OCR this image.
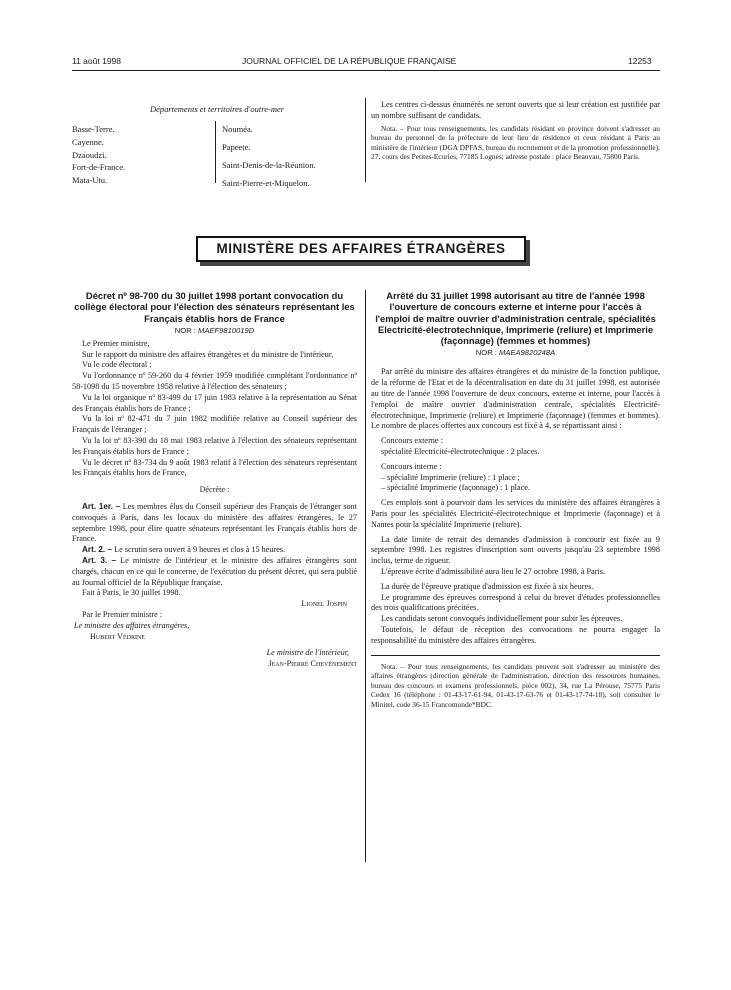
11 août 1998	JOURNAL OFFICIEL DE LA RÉPUBLIQUE FRANÇAISE	12253
Départements et territoires d'outre-mer

Basse-Terre.

Cayenne.

Dzaoudzi.

Fort-de-France.

Mata-Utu.

Nouméa.

Papeete.

Saint-Denis-de-la-Réunion.

Saint-Pierre-et-Miquelon.

Les centres ci-dessus énumérés ne seront ouverts que si leur création est justifiée par un nombre suffisant de candidats.

Nota. – Pour tous renseignements, les candidats résidant en province doivent s'adresser au bureau du personnel de la préfecture de leur lieu de résidence et ceux résidant à Paris au ministère de l'intérieur (DGA DPFAS, bureau du recrutement et de la promotion professionnelle), 27, cours des Petites-Ecuries, 77185 Lognes; adresse postale : place Beauvau, 75800 Paris.

MINISTÈRE DES AFFAIRES ÉTRANGÈRES
Décret nº 98-700 du 30 juillet 1998 portant convocation du collège électoral pour l'élection des sénateurs représentant les Français établis hors de France
NOR : MAEF9810019D

Le Premier ministre,

Sur le rapport du ministre des affaires étrangères et du ministre de l'intérieur,

Vu le code électoral ;

Vu l'ordonnance nº 59-260 du 4 février 1959 modifiée complétant l'ordonnance nº 58-1098 du 15 novembre 1958 relative à l'élection des sénateurs ;

Vu la loi organique nº 83-499 du 17 juin 1983 relative à la représentation au Sénat des Français établis hors de France ;

Vu la loi nº 82-471 du 7 juin 1982 modifiée relative au Conseil supérieur des Français de l'étranger ;

Vu la loi nº 83-390 du 18 mai 1983 relative à l'élection des sénateurs représentant les Français établis hors de France ;

Vu le décret nº 83-734 du 9 août 1983 relatif à l'élection des sénateurs représentant les Français établis hors de France,

Décrète :

Art. 1er. – Les membres élus du Conseil supérieur des Français de l'étranger sont convoqués à Paris, dans les locaux du ministère des affaires étrangères, le 27 septembre 1998, pour élire quatre sénateurs représentant les Français établis hors de France.

Art. 2. – Le scrutin sera ouvert à 9 heures et clos à 15 heures.

Art. 3. – Le ministre de l'intérieur et le ministre des affaires étrangères sont chargés, chacun en ce qui le concerne, de l'exécution du présent décret, qui sera publié au Journal officiel de la République française.

Fait à Paris, le 30 juillet 1998.

Lionel Jospin

Par le Premier ministre :

Le ministre des affaires étrangères,

Hubert Védrine

Le ministre de l'intérieur,

Jean-Pierre Chevènement

Arrêté du 31 juillet 1998 autorisant au titre de l'année 1998 l'ouverture de concours externe et interne pour l'accès à l'emploi de maître ouvrier d'administration centrale, spécialités Electricité-électrotechnique, Imprimerie (reliure) et Imprimerie (façonnage) (femmes et hommes)
NOR : MAEA9820248A

Par arrêté du ministre des affaires étrangères et du ministre de la fonction publique, de la réforme de l'Etat et de la décentralisation en date du 31 juillet 1998, est autorisée au titre de l'année 1998 l'ouverture de deux concours, externe et interne, pour l'accès à l'emploi de maître ouvrier d'administration centrale, spécialités Electricité-électrotechnique, Imprimerie (reliure) et Imprimerie (façonnage) (femmes et hommes). Le nombre de places offertes aux concours est fixé à 4, se répartissant ainsi :

Concours externe :

spécialité Electricité-électrotechnique : 2 places.

Concours interne :

– spécialité Imprimerie (reliure) : 1 place ;

– spécialité Imprimerie (façonnage) : 1 place.

Ces emplois sont à pourvoir dans les services du ministère des affaires étrangères à Paris pour les spécialités Electricité-électrotechnique et Imprimerie (façonnage) et à Nantes pour la spécialité Imprimerie (reliure).

La date limite de retrait des demandes d'admission à concourir est fixée au 9 septembre 1998. Les registres d'inscription sont ouverts jusqu'au 23 septembre 1998 inclus, terme de rigueur.

L'épreuve écrite d'admissibilité aura lieu le 27 octobre 1998, à Paris.

La durée de l'épreuve pratique d'admission est fixée à six heures.

Le programme des épreuves correspond à celui du brevet d'études professionnelles des trois qualifications précitées.

Les candidats seront convoqués individuellement pour subir les épreuves.

Toutefois, le défaut de réception des convocations ne pourra engager la responsabilité du ministère des affaires étrangères.

Nota. – Pour tous renseignements, les candidats peuvent soit s'adresser au ministère des affaires étrangères (direction générale de l'administration, direction des ressources humaines, bureau des concours et examens professionnels, pièce 002), 34, rue La Pérouse, 75775 Paris Cedex 16 (téléphone : 01-43-17-61-94, 01-43-17-63-76 et 01-43-17-74-18), soit consulter le Minitel, code 36-15 Francomonde*BDC.
